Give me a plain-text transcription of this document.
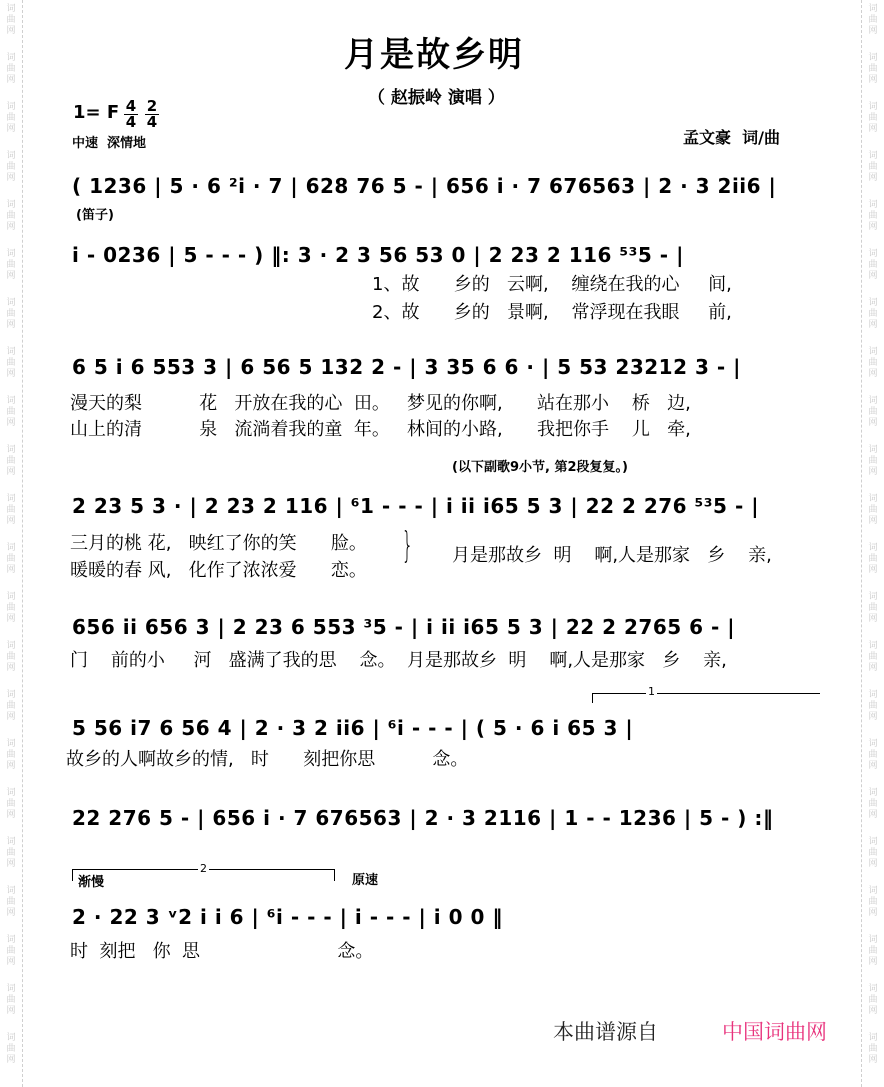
词
曲
网
词
曲
网
词
曲
网
词
曲
网
词
曲
网
词
曲
网
词
曲
网
词
曲
网
词
曲
网
词
曲
网
词
曲
网
词
曲
网
词
曲
网
词
曲
网
词
曲
网
词
曲
网
词
曲
网
词
曲
网
词
曲
网
词
曲
网
词
曲
网
词
曲
网
词
曲
网
词
曲
网
词
曲
网
词
曲
网
词
曲
网
词
曲
网
词
曲
网
词
曲
网
词
曲
网
词
曲
网
词
曲
网
词
曲
网
词
曲
网
词
曲
网
词
曲
网
词
曲
网
词
曲
网
词
曲
网
词
曲
网
词
曲
网
词
曲
网
词
曲
网
月是故乡明
（ 赵振岭 演唱 ）
1= F 4
4
2
4
中速  深情地	孟文豪  词/曲
( 1236 | 5 · 6 ²i · 7 | 628 76 5 - | 656 i · 7 676563 | 2 · 3 2ii6 |
(笛子)
i - 0236 | 5 - - - ) ‖: 3 · 2 3 56 53 0 | 2 23 2 116 ⁵³5 - |
1、故      乡的   云啊,    缠绕在我的心     间,
2、故      乡的   景啊,    常浮现在我眼     前,
6 5 i 6 553 3 | 6 56 5 132 2 - | 3 35 6 6 · | 5 53 23212 3 - |
漫天的梨          花   开放在我的心  田。   梦见的你啊,      站在那小    桥   边,
山上的清          泉   流淌着我的童  年。   林间的小路,      我把你手    儿   牵,
(以下副歌9小节, 第2段复复。)
2 23 5 3 · | 2 23 2 116 | ⁶1 - - - | i ii i65 5 3 | 22 2 276 ⁵³5 - |
三月的桃 花,   映红了你的笑      脸。
暖暖的春 风,   化作了浓浓爱      恋。
} 月是那故乡  明    啊,人是那家   乡    亲,
656 ii 656 3 | 2 23 6 553 ³5 - | i ii i65 5 3 | 22 2 2765 6 - |
门    前的小     河   盛满了我的思    念。  月是那故乡  明    啊,人是那家   乡    亲,
1
5 56 i7 6 56 4 | 2 · 3 2 ii6 | ⁶i - - - | ( 5 · 6 i 65 3 |
故乡的人啊故乡的情,   时      刻把你思          念。
22 276 5 - | 656 i · 7 676563 | 2 · 3 2116 | 1 - - 1236 | 5 - ) :‖
2
渐慢	原速
2 · 22 3 ᵛ2 i i 6 | ⁶i - - - | i - - - | i 0 0 ‖
时  刻把   你  思                        念。
本曲谱源自	中国词曲网
